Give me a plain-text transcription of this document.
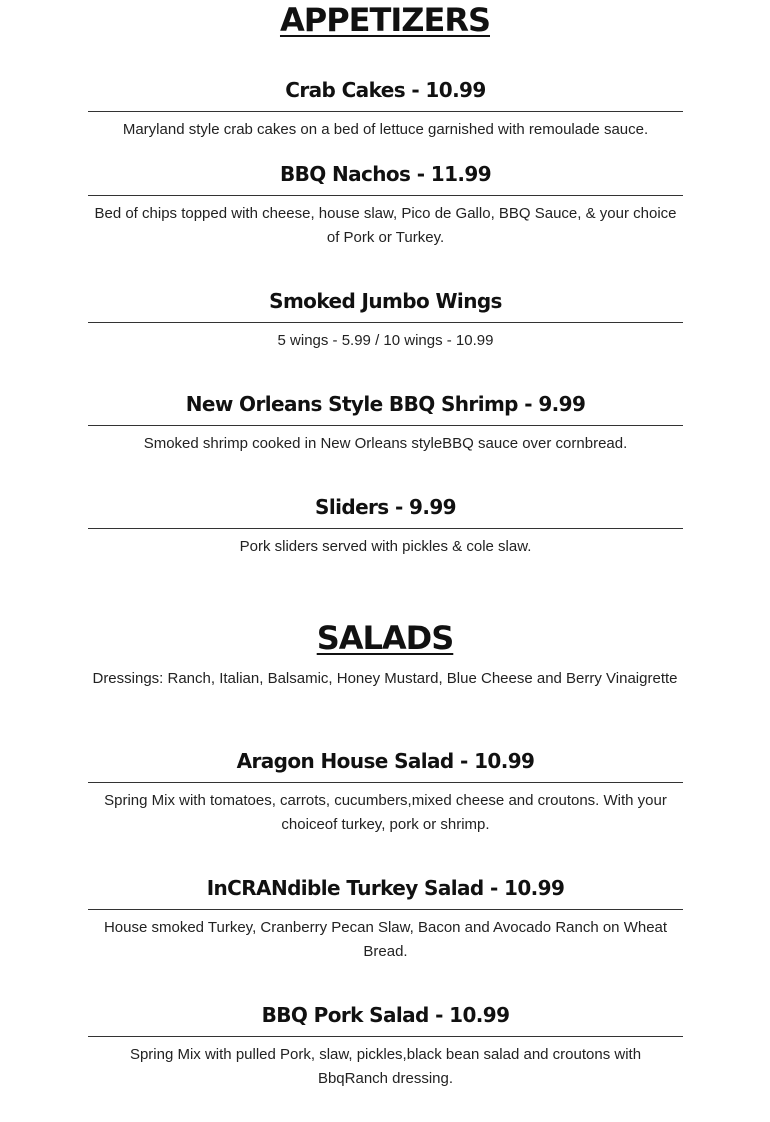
APPETIZERS
Crab Cakes - 10.99

Maryland style crab cakes on a bed of lettuce garnished with remoulade sauce.

BBQ Nachos - 11.99

Bed of chips topped with cheese, house slaw, Pico de Gallo, BBQ Sauce, & your choice of Pork or Turkey.

Smoked Jumbo Wings

5 wings - 5.99 / 10 wings - 10.99

New Orleans Style BBQ Shrimp - 9.99

Smoked shrimp cooked in New Orleans styleBBQ sauce over cornbread.

Sliders - 9.99

Pork sliders served with pickles & cole slaw.

SALADS
Dressings: Ranch, Italian, Balsamic, Honey Mustard, Blue Cheese and Berry Vinaigrette
Aragon House Salad - 10.99

Spring Mix with tomatoes, carrots, cucumbers,mixed cheese and croutons. With your choiceof turkey, pork or shrimp.

InCRANdible Turkey Salad - 10.99

House smoked Turkey, Cranberry Pecan Slaw, Bacon and Avocado Ranch on Wheat Bread.

BBQ Pork Salad - 10.99

Spring Mix with pulled Pork, slaw, pickles,black bean salad and croutons with BbqRanch dressing.
